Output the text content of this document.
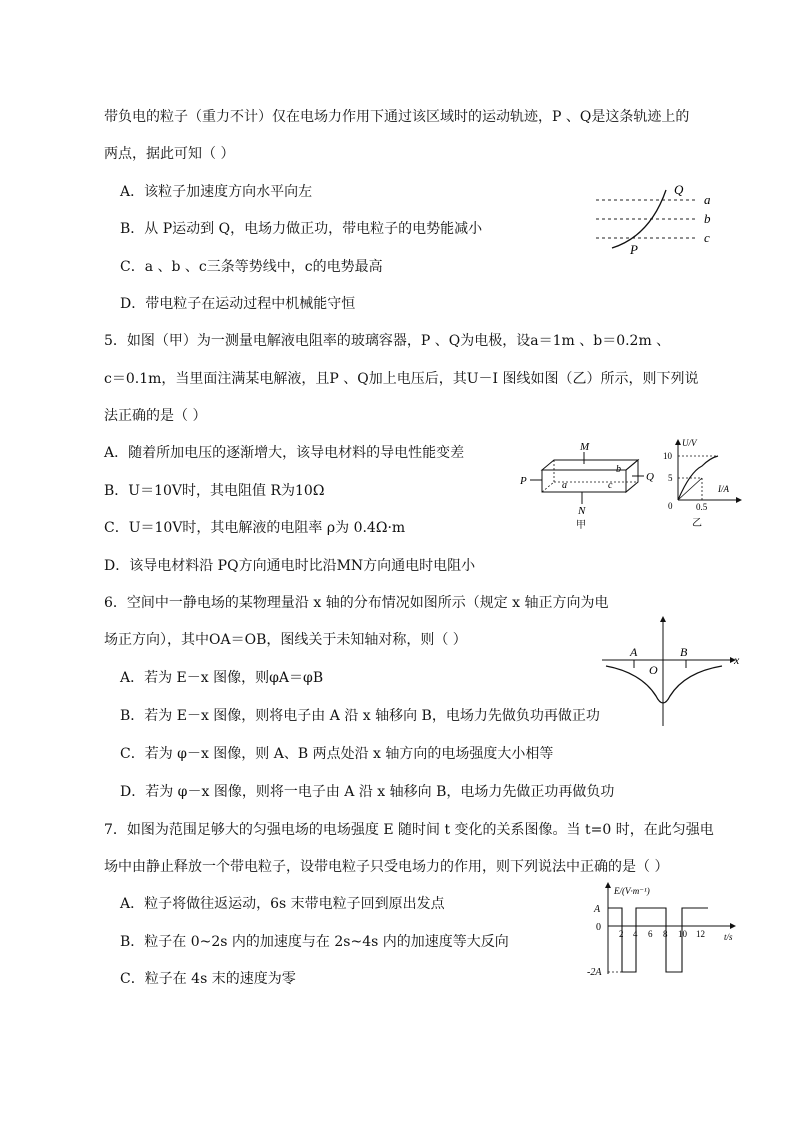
带负电的粒子（重力不计）仅在电场力作用下通过该区域时的运动轨迹，P 、Q是这条轨迹上的
两点，据此可知（ ）
A．该粒子加速度方向水平向左
B．从 P运动到 Q，电场力做正功，带电粒子的电势能减小
C．a 、b 、c三条等势线中，c的电势最高
D．带电粒子在运动过程中机械能守恒
Q
P
a
b
c
5．如图（甲）为一测量电解液电阻率的玻璃容器，P 、Q为电极，设a＝1m 、b＝0.2m 、
c＝0.1m，当里面注满某电解液，且P 、Q加上电压后，其U－I 图线如图（乙）所示，则下列说
法正确的是（ ）
A．随着所加电压的逐渐增大，该导电材料的导电性能变差
B．U＝10V时，其电阻值 R为10Ω
C．U＝10V时，其电解液的电阻率 ρ为 0.4Ω·m
D．该导电材料沿 PQ方向通电时比沿MN方向通电时电阻小
M
N
P	Q
a
b
c
甲
U/V
I/A
10
5
0	0.5
乙
6．空间中一静电场的某物理量沿 x 轴的分布情况如图所示（规定 x 轴正方向为电
场正方向），其中OA＝OB，图线关于未知轴对称，则（ ）
A．若为 E－x 图像，则φA＝φB
B．若为 E－x 图像，则将电子由 A 沿 x 轴移向 B，电场力先做负功再做正功
C．若为 φ－x 图像，则 A、B 两点处沿 x 轴方向的电场强度大小相等
D．若为 φ－x 图像，则将一电子由 A 沿 x 轴移向 B，电场力先做正功再做负功
A	B
O
x
7．如图为范围足够大的匀强电场的电场强度 E 随时间 t 变化的关系图像。当 t=0 时，在此匀强电
场中由静止释放一个带电粒子，设带电粒子只受电场力的作用，则下列说法中正确的是（ ）
A．粒子将做往返运动，6s 末带电粒子回到原出发点
B．粒子在 0~2s 内的加速度与在 2s~4s 内的加速度等大反向
C．粒子在 4s 末的速度为零
E/(V·m⁻¹)
t/s
A
-2A
0
2 4 6 8 10 12
